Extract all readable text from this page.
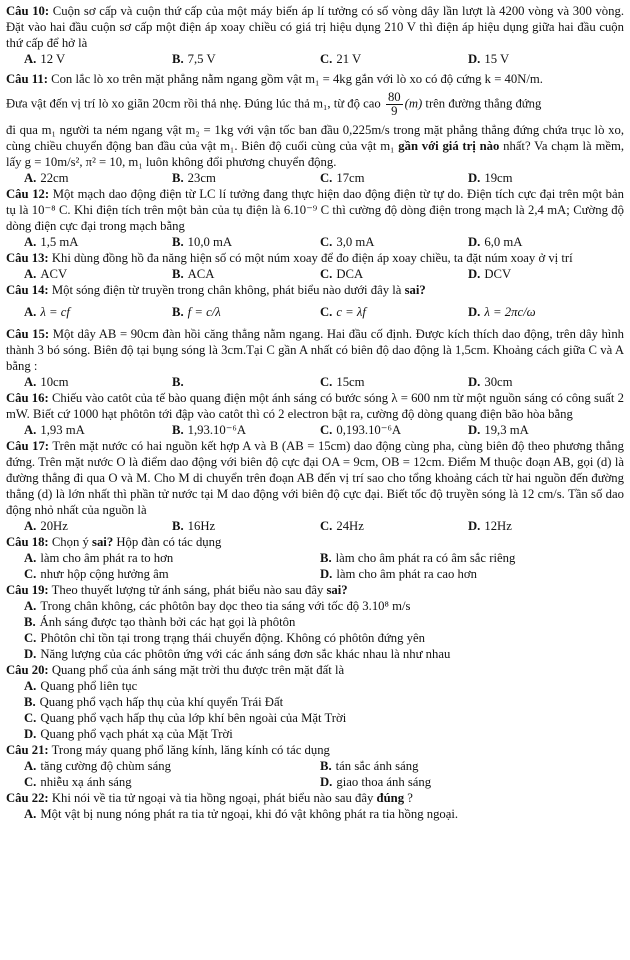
Câu 10: Cuộn sơ cấp và cuộn thứ cấp của một máy biến áp lí tưởng có số vòng dây lần lượt là 4200 vòng và 300 vòng. Đặt vào hai đầu cuộn sơ cấp một điện áp xoay chiều có giá trị hiệu dụng 210 V thì điện áp hiệu dụng giữa hai đầu cuộn thứ cấp để hở là
A. 12 V	B. 7,5 V	C. 21 V	D. 15 V
Câu 11: Con lắc lò xo trên mặt phẳng nằm ngang gồm vật m₁ = 4kg gắn với lò xo có độ cứng k = 40N/m.
Đưa vật đến vị trí lò xo giãn 20cm rồi thả nhẹ. Đúng lúc thả m₁, từ độ cao $\frac{80}{9} (m)$ trên đường thẳng đứng
đi qua m₁ người ta ném ngang vật m₂ = 1kg với vận tốc ban đầu 0,225m/s trong mặt phẳng thẳng đứng chứa trục lò xo, cùng chiều chuyển động ban đầu của vật m₁. Biên độ cuối cùng của vật m₁ gần với giá trị nào nhất? Va chạm là mềm, lấy g = 10m/s², π² = 10, m₁ luôn không đổi phương chuyển động.
A. 22cm	B. 23cm	C. 17cm	D. 19cm
Câu 12: Một mạch dao động điện từ LC lí tưởng đang thực hiện dao động điện từ tự do. Điện tích cực đại trên một bản tụ là 10⁻⁸ C. Khi điện tích trên một bản của tụ điện là 6.10⁻⁹ C thì cường độ dòng điện trong mạch là 2,4 mA; Cường độ dòng điện cực đại trong mạch bằng
A. 1,5 mA	B. 10,0 mA	C. 3,0 mA	D. 6,0 mA
Câu 13: Khi dùng đồng hồ đa năng hiện số có một núm xoay để đo điện áp xoay chiều, ta đặt núm xoay ở vị trí
A. ACV	B. ACA	C. DCA	D. DCV
Câu 14: Một sóng điện từ truyền trong chân không, phát biểu nào dưới đây là sai?
A. λ = cf	B. f = c/λ	C. c = λf	D. λ = 2πc/ω
Câu 15: Một dây AB = 90cm đàn hồi căng thẳng nằm ngang. Hai đầu cố định. Được kích thích dao động, trên dây hình thành 3 bó sóng. Biên độ tại bụng sóng là 3cm.Tại C gần A nhất có biên độ dao động là 1,5cm. Khoảng cách giữa C và A bằng :
A. 10cm	B.	C. 15cm	D. 30cm
Câu 16: Chiếu vào catôt của tế bào quang điện một ánh sáng có bước sóng λ = 600 nm từ một nguồn sáng có công suất 2 mW. Biết cứ 1000 hạt phôtôn tới đập vào catôt thì có 2 electron bật ra, cường độ dòng quang điện bão hòa bằng
A. 1,93 mA	B. 1,93.10⁻⁶A	C. 0,193.10⁻⁶A	D. 19,3 mA
Câu 17: Trên mặt nước có hai nguồn kết hợp A và B (AB = 15cm) dao động cùng pha, cùng biên độ theo phương thẳng đứng. Trên mặt nước O là điểm dao động với biên độ cực đại OA = 9cm, OB = 12cm. Điểm M thuộc đoạn AB, gọi (d) là đường thẳng đi qua O và M. Cho M di chuyển trên đoạn AB đến vị trí sao cho tổng khoảng cách từ hai nguồn đến đường thẳng (d) là lớn nhất thì phần tử nước tại M dao động với biên độ cực đại. Biết tốc độ truyền sóng là 12 cm/s. Tần số dao động nhỏ nhất của nguồn là
A. 20Hz	B. 16Hz	C. 24Hz	D. 12Hz
Câu 18: Chọn ý sai? Hộp đàn có tác dụng
A. làm cho âm phát ra to hơn	B. làm cho âm phát ra có âm sắc riêng
C. nhưr hộp cộng hưởng âm	D. làm cho âm phát ra cao hơn
Câu 19: Theo thuyết lượng tử ánh sáng, phát biểu nào sau đây sai?
A. Trong chân không, các phôtôn bay dọc theo tia sáng với tốc độ 3.10⁸ m/s
B. Ánh sáng được tạo thành bởi các hạt gọi là phôtôn
C. Phôtôn chỉ tồn tại trong trạng thái chuyển động. Không có phôtôn đứng yên
D. Năng lượng của các phôtôn ứng với các ánh sáng đơn sắc khác nhau là như nhau
Câu 20: Quang phổ của ánh sáng mặt trời thu được trên mặt đất là
A. Quang phổ liên tục
B. Quang phổ vạch hấp thụ của khí quyển Trái Đất
C. Quang phổ vạch hấp thụ của lớp khí bên ngoài của Mặt Trời
D. Quang phổ vạch phát xạ của Mặt Trời
Câu 21: Trong máy quang phổ lăng kính, lăng kính có tác dụng
A. tăng cường độ chùm sáng	B. tán sắc ánh sáng
C. nhiễu xạ ánh sáng	D. giao thoa ánh sáng
Câu 22: Khi nói về tia tử ngoại và tia hồng ngoại, phát biểu nào sau đây đúng ?
A. Một vật bị nung nóng phát ra tia tử ngoại, khi đó vật không phát ra tia hồng ngoại.
